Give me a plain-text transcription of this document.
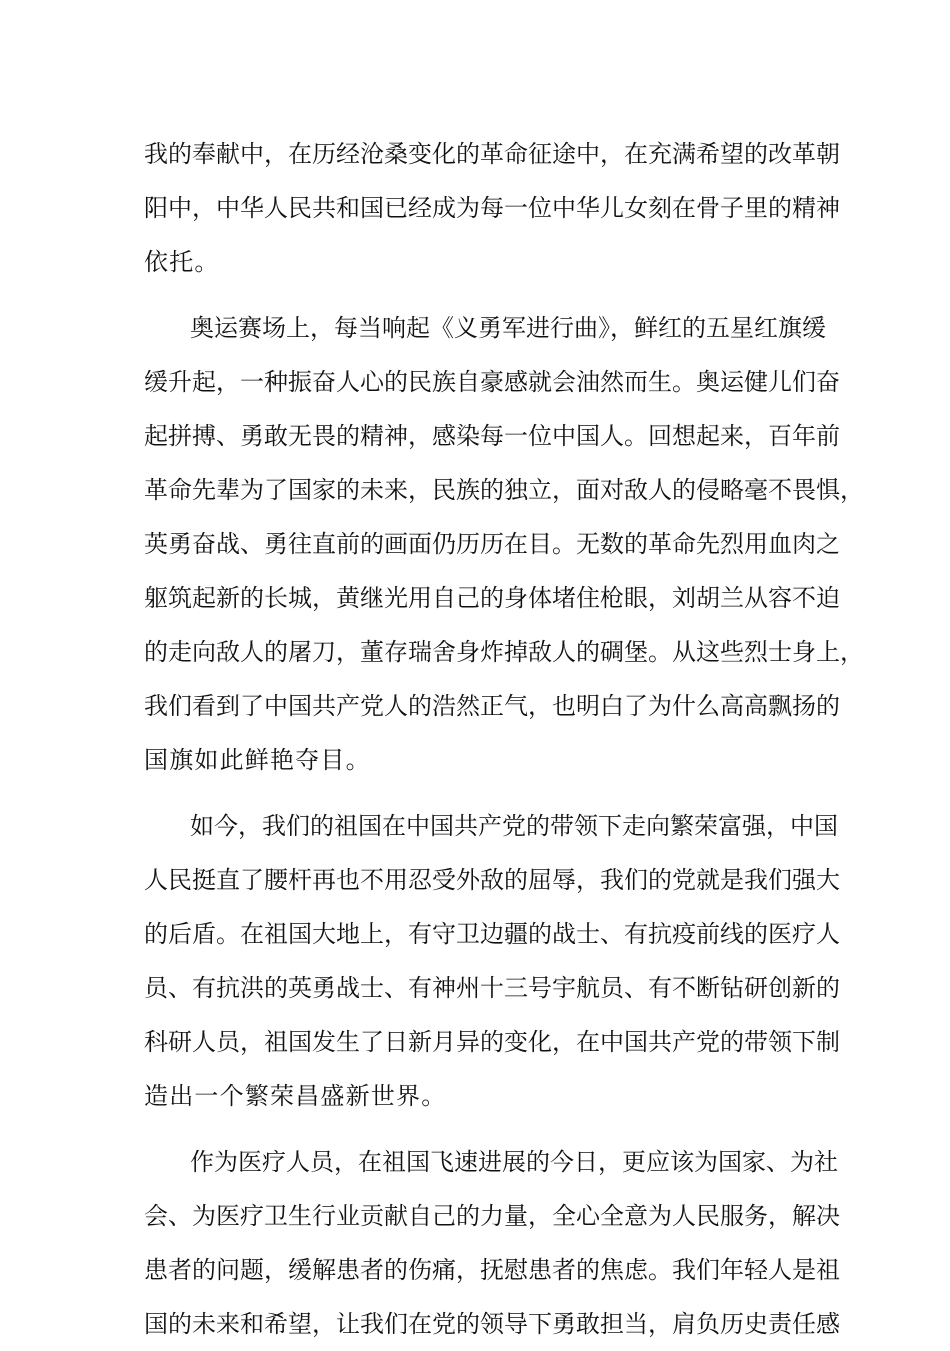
我的奉献中，在历经沧桑变化的革命征途中，在充满希望的改革朝
阳中，中华人民共和国已经成为每一位中华儿女刻在骨子里的精神
依托。
奥运赛场上，每当响起《义勇军进行曲》，鲜红的五星红旗缓
缓升起，一种振奋人心的民族自豪感就会油然而生。奥运健儿们奋
起拼搏、勇敢无畏的精神，感染每一位中国人。回想起来，百年前
革命先辈为了国家的未来，民族的独立，面对敌人的侵略毫不畏惧，
英勇奋战、勇往直前的画面仍历历在目。无数的革命先烈用血肉之
躯筑起新的长城，黄继光用自己的身体堵住枪眼，刘胡兰从容不迫
的走向敌人的屠刀，董存瑞舍身炸掉敌人的碉堡。从这些烈士身上，
我们看到了中国共产党人的浩然正气，也明白了为什么高高飘扬的
国旗如此鲜艳夺目。
如今，我们的祖国在中国共产党的带领下走向繁荣富强，中国
人民挺直了腰杆再也不用忍受外敌的屈辱，我们的党就是我们强大
的后盾。在祖国大地上，有守卫边疆的战士、有抗疫前线的医疗人
员、有抗洪的英勇战士、有神州十三号宇航员、有不断钻研创新的
科研人员，祖国发生了日新月异的变化，在中国共产党的带领下制
造出一个繁荣昌盛新世界。
作为医疗人员，在祖国飞速进展的今日，更应该为国家、为社
会、为医疗卫生行业贡献自己的力量，全心全意为人民服务，解决
患者的问题，缓解患者的伤痛，抚慰患者的焦虑。我们年轻人是祖
国的未来和希望，让我们在党的领导下勇敢担当，肩负历史责任感
